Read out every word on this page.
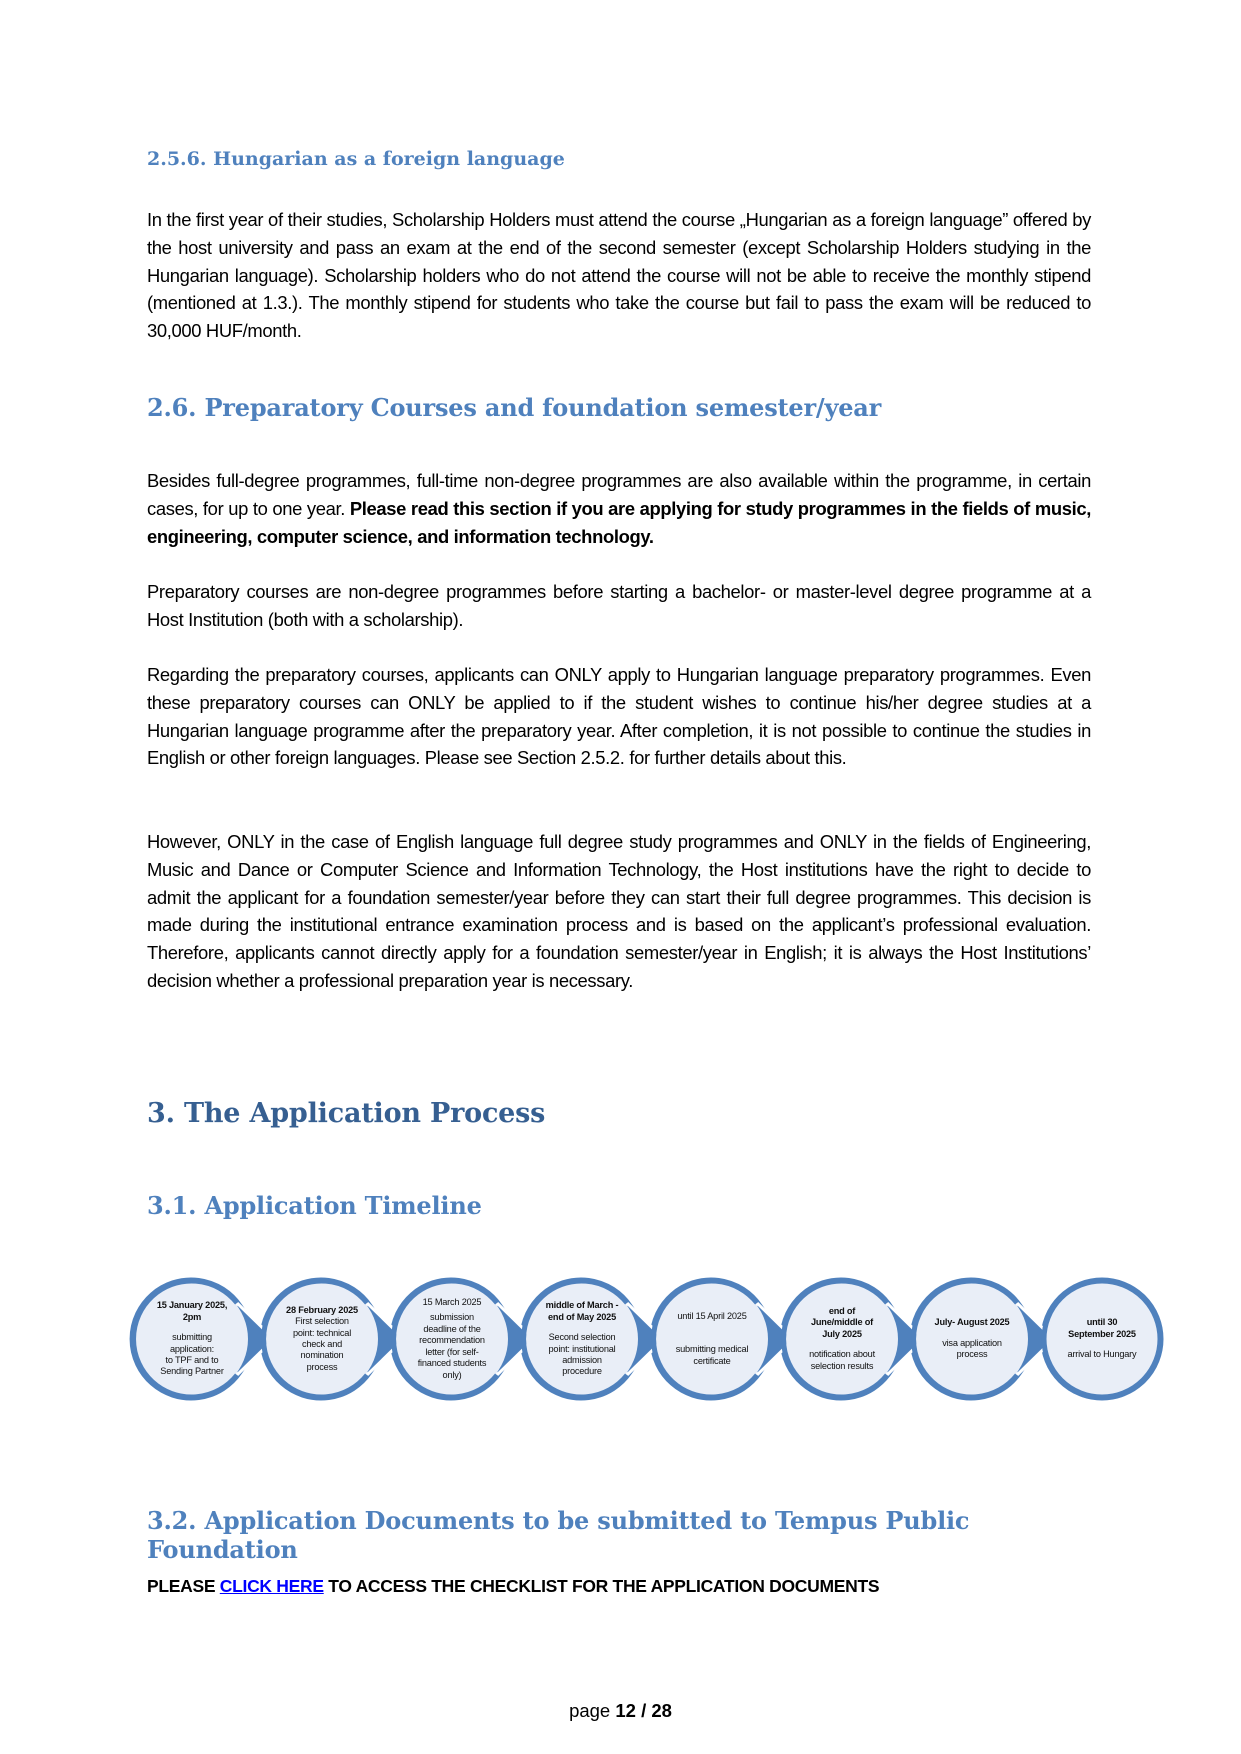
2.5.6. Hungarian as a foreign language

In the first year of their studies, Scholarship Holders must attend the course „Hungarian as a foreign language” offered by the host university and pass an exam at the end of the second semester (except Scholarship Holders studying in the Hungarian language). Scholarship holders who do not attend the course will not be able to receive the monthly stipend (mentioned at 1.3.). The monthly stipend for students who take the course but fail to pass the exam will be reduced to 30,000 HUF/month.

2.6. Preparatory Courses and foundation semester/year

Besides full-degree programmes, full-time non-degree programmes are also available within the programme, in certain cases, for up to one year. Please read this section if you are applying for study programmes in the fields of music, engineering, computer science, and information technology.

Preparatory courses are non-degree programmes before starting a bachelor- or master-level degree programme at a Host Institution (both with a scholarship).

Regarding the preparatory courses, applicants can ONLY apply to Hungarian language preparatory programmes. Even these preparatory courses can ONLY be applied to if the student wishes to continue his/her degree studies at a Hungarian language programme after the preparatory year. After completion, it is not possible to continue the studies in English or other foreign languages. Please see Section 2.5.2. for further details about this.

However, ONLY in the case of English language full degree study programmes and ONLY in the fields of Engineering, Music and Dance or Computer Science and Information Technology, the Host institutions have the right to decide to admit the applicant for a foundation semester/year before they can start their full degree programmes. This decision is made during the institutional entrance examination process and is based on the applicant’s professional evaluation. Therefore, applicants cannot directly apply for a foundation semester/year in English; it is always the Host Institutions’ decision whether a professional preparation year is necessary.

3. The Application Process
3.1. Application Timeline
15 January 2025,
2pm
submitting
application:
to TPF and to
Sending Partner
28 February 2025
First selection
point: technical
check and
nomination
process
15 March 2025
submission
deadline of the
recommendation
letter (for self-
financed students
only)
middle of March -
end of May 2025
Second selection
point: institutional
admission
procedure
until 15 April 2025
submitting medical
certificate
end of
June/middle of
July 2025
notification about
selection results
July- August 2025
visa application
process
until 30
September 2025
arrival to Hungary
3.2. Application Documents to be submitted to Tempus Public Foundation

PLEASE CLICK HERE TO ACCESS THE CHECKLIST FOR THE APPLICATION DOCUMENTS

page 12 / 28
